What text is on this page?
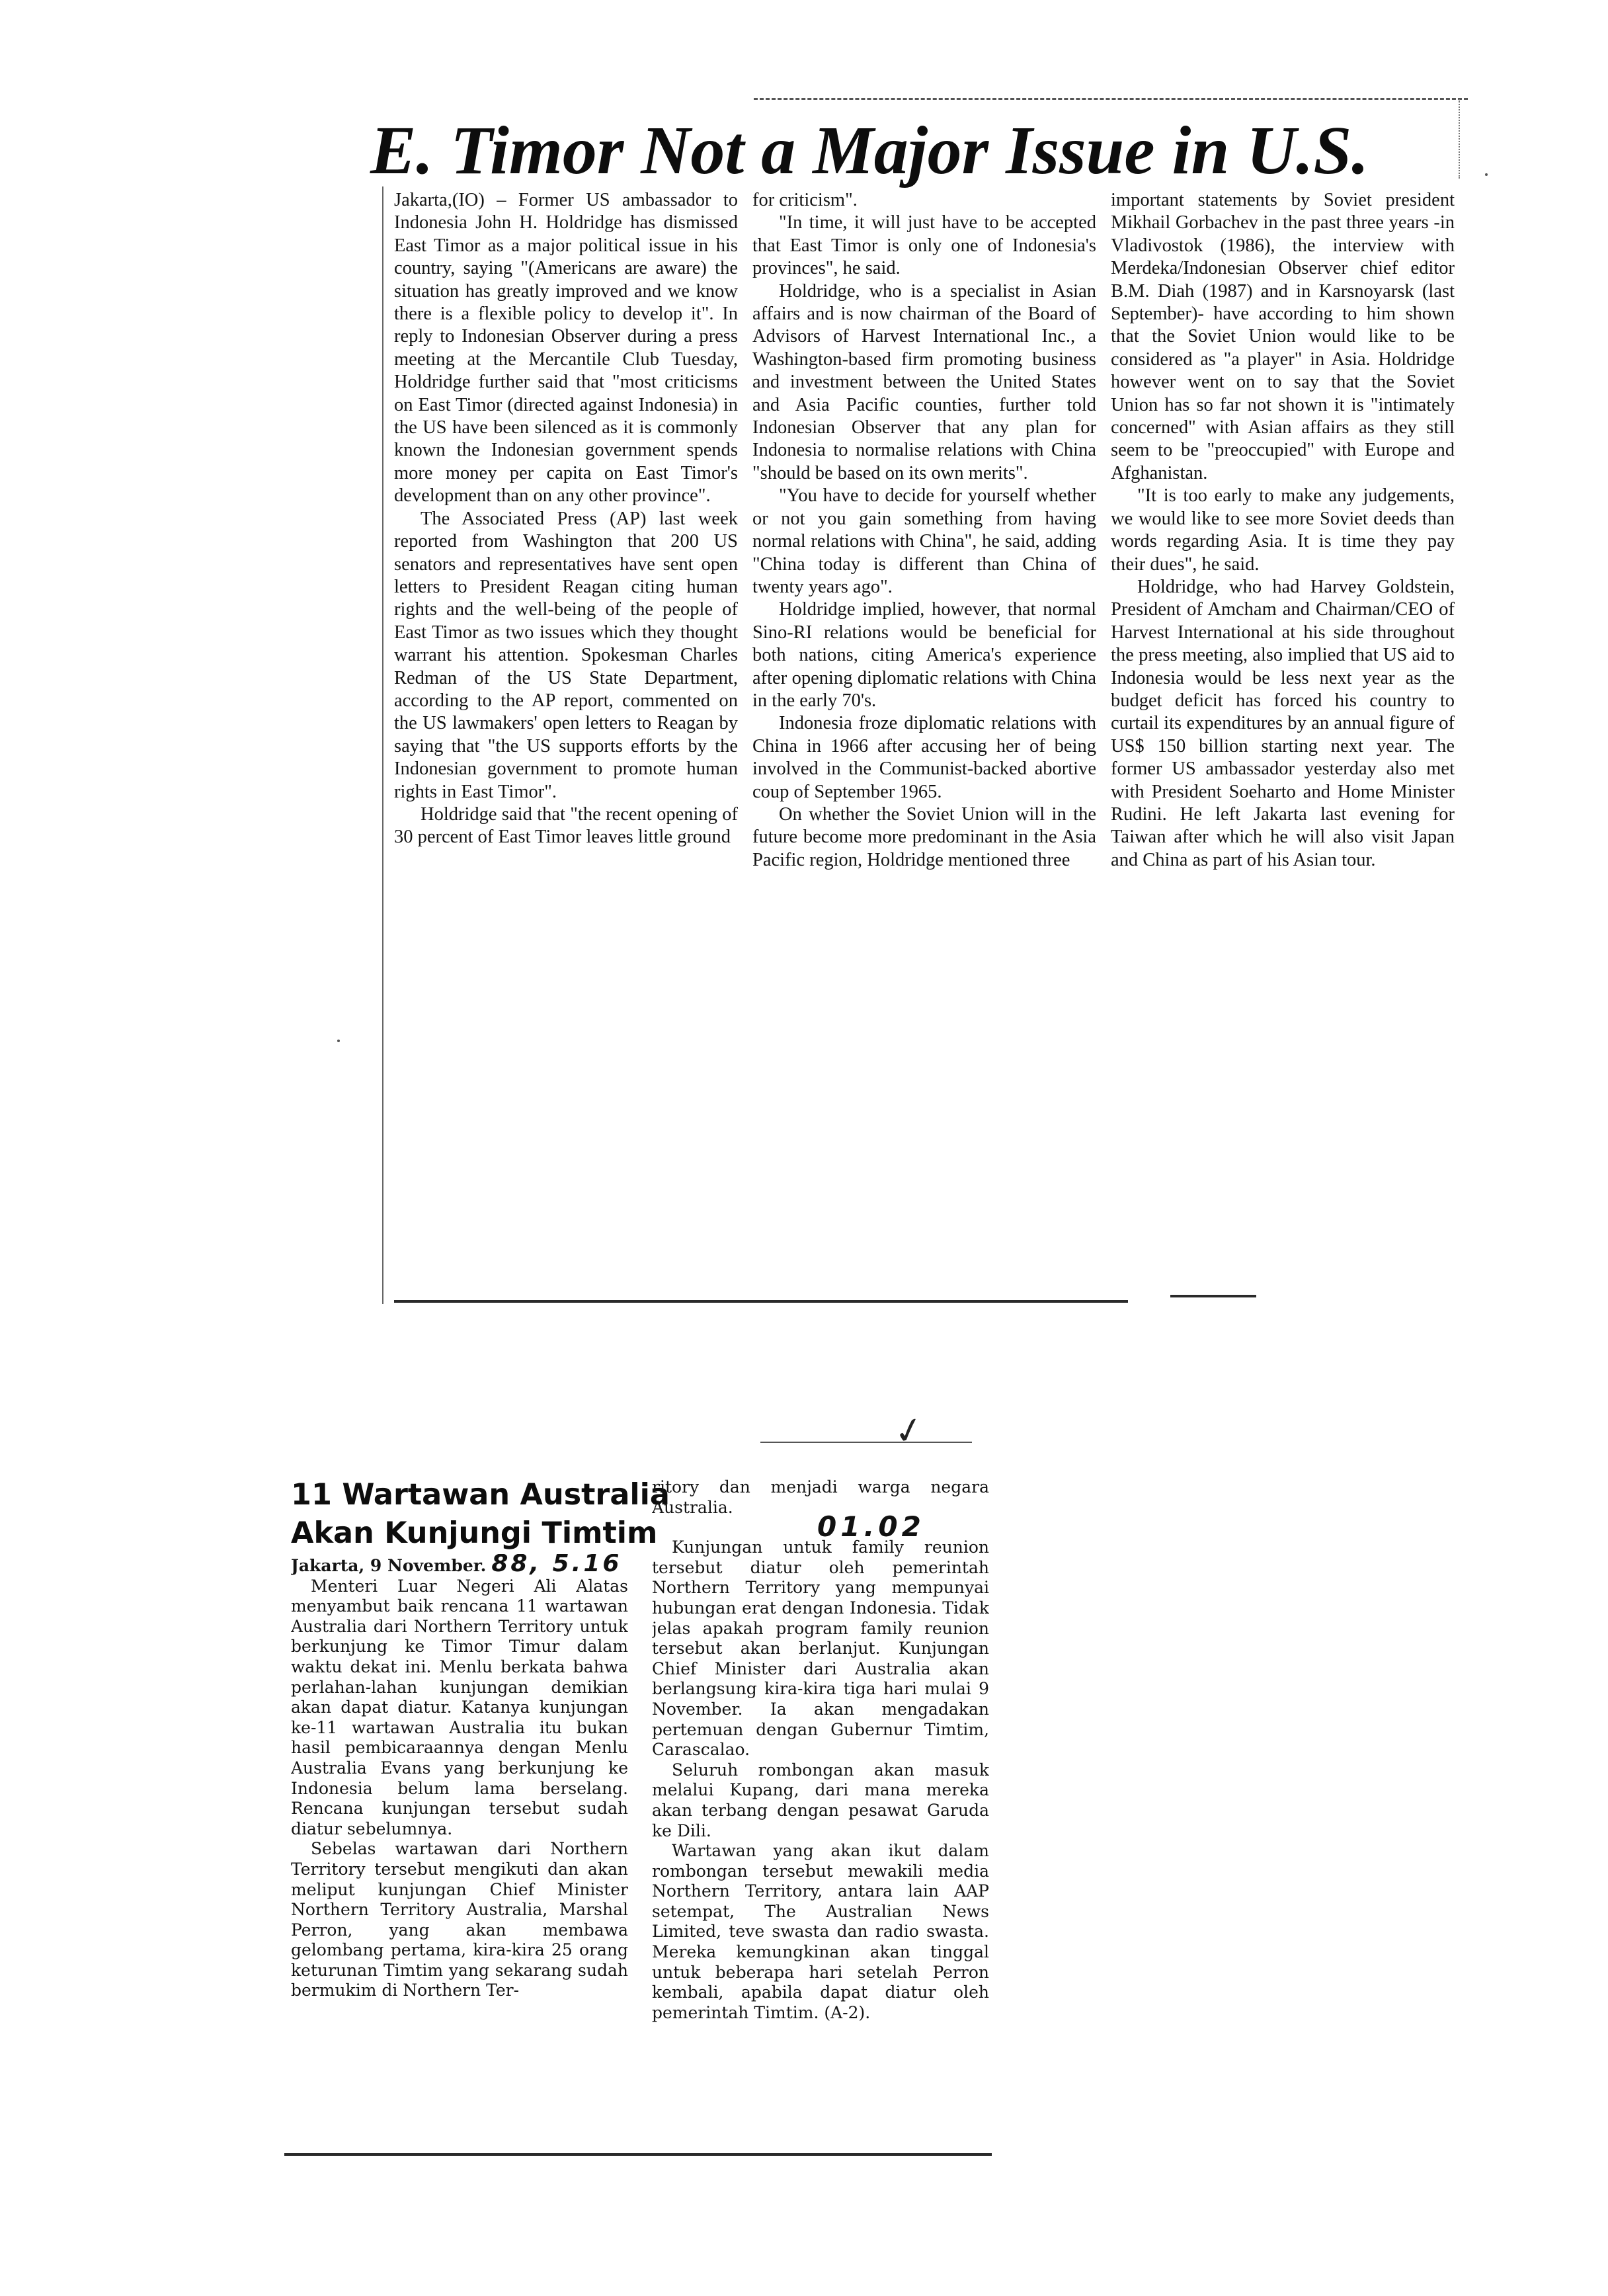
E. Timor Not a Major Issue in U.S.

Jakarta,(IO) – Former US ambassador to Indonesia John H. Holdridge has dismissed East Timor as a major political issue in his country, saying "(Americans are aware) the situation has greatly improved and we know there is a flexible policy to develop it". In reply to Indonesian Observer during a press meeting at the Mercantile Club Tuesday, Holdridge further said that "most criticisms on East Timor (directed against Indonesia) in the US have been silenced as it is commonly known the Indonesian government spends more money per capita on East Timor's development than on any other province".

The Associated Press (AP) last week reported from Washington that 200 US senators and representatives have sent open letters to President Reagan citing human rights and the well-being of the people of East Timor as two issues which they thought warrant his attention. Spokesman Charles Redman of the US State Department, according to the AP report, commented on the US lawmakers' open letters to Reagan by saying that "the US supports efforts by the Indonesian government to promote human rights in East Timor".

Holdridge said that "the recent opening of 30 percent of East Timor leaves little ground

for criticism".

"In time, it will just have to be accepted that East Timor is only one of Indonesia's provinces", he said.

Holdridge, who is a specialist in Asian affairs and is now chairman of the Board of Advisors of Harvest International Inc., a Washington-based firm promoting business and investment between the United States and Asia Pacific counties, further told Indonesian Observer that any plan for Indonesia to normalise relations with China "should be based on its own merits".

"You have to decide for yourself whether or not you gain something from having normal relations with China", he said, adding "China today is different than China of twenty years ago".

Holdridge implied, however, that normal Sino-RI relations would be beneficial for both nations, citing America's experience after opening diplomatic relations with China in the early 70's.

Indonesia froze diplomatic relations with China in 1966 after accusing her of being involved in the Communist-backed abortive coup of September 1965.

On whether the Soviet Union will in the future become more predominant in the Asia Pacific region, Holdridge mentioned three

important statements by Soviet president Mikhail Gorbachev in the past three years -in Vladivostok (1986), the interview with Merdeka/Indonesian Observer chief editor B.M. Diah (1987) and in Karsnoyarsk (last September)- have according to him shown that the Soviet Union would like to be considered as "a player" in Asia. Holdridge however went on to say that the Soviet Union has so far not shown it is "intimately concerned" with Asian affairs as they still seem to be "preoccupied" with Europe and Afghanistan.

"It is too early to make any judgements, we would like to see more Soviet deeds than words regarding Asia. It is time they pay their dues", he said.

Holdridge, who had Harvey Goldstein, President of Amcham and Chairman/CEO of Harvest International at his side throughout the press meeting, also implied that US aid to Indonesia would be less next year as the budget deficit has forced his country to curtail its expenditures by an annual figure of US$ 150 billion starting next year. The former US ambassador yesterday also met with President Soeharto and Home Minister Rudini. He left Jakarta last evening for Taiwan after which he will also visit Japan and China as part of his Asian tour.

✓
11 Wartawan Australia
Akan Kunjungi Timtim

Jakarta, 9 November. 88, 5.16

Menteri Luar Negeri Ali Alatas menyambut baik rencana 11 wartawan Australia dari Northern Territory untuk berkunjung ke Timor Timur dalam waktu dekat ini. Menlu berkata bahwa perlahan-lahan kunjungan demikian akan dapat diatur. Katanya kunjungan ke-11 wartawan Australia itu bukan hasil pembicaraannya dengan Menlu Australia Evans yang berkunjung ke Indonesia belum lama berselang. Rencana kunjungan tersebut sudah diatur sebelumnya.

Sebelas wartawan dari Northern Territory tersebut mengikuti dan akan meliput kunjungan Chief Minister Northern Territory Australia, Marshal Perron, yang akan membawa gelombang pertama, kira-kira 25 orang keturunan Timtim yang sekarang sudah bermukim di Northern Ter-

ritory dan menjadi warga negara Australia.

Kunjungan untuk family reunion tersebut diatur oleh pemerintah Northern Territory yang mempunyai hubungan erat dengan Indonesia. Tidak jelas apakah program family reunion tersebut akan berlanjut. Kunjungan Chief Minister dari Australia akan berlangsung kira-kira tiga hari mulai 9 November. Ia akan mengadakan pertemuan dengan Gubernur Timtim, Carascalao.

Seluruh rombongan akan masuk melalui Kupang, dari mana mereka akan terbang dengan pesawat Garuda ke Dili.

Wartawan yang akan ikut dalam rombongan tersebut mewakili media Northern Territory, antara lain AAP setempat, The Australian News Limited, teve swasta dan radio swasta. Mereka kemungkinan akan tinggal untuk beberapa hari setelah Perron kembali, apabila dapat diatur oleh pemerintah Timtim. (A-2).

01.02
